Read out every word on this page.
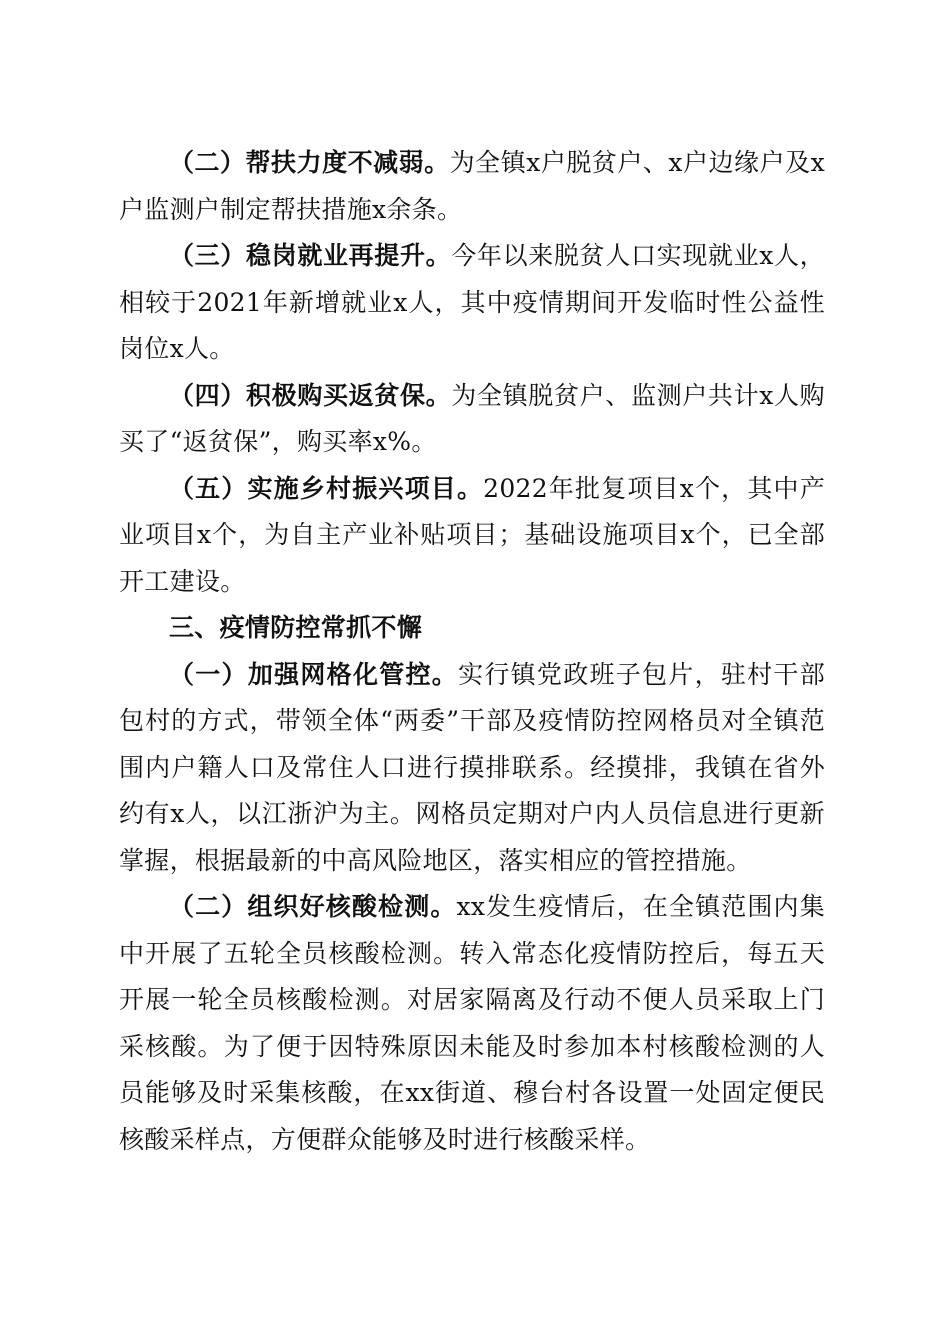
（二）帮扶力度不减弱。为全镇x户脱贫户、x户边缘户及x户监测户制定帮扶措施x余条。

（三）稳岗就业再提升。今年以来脱贫人口实现就业x人，相较于2021年新增就业x人，其中疫情期间开发临时性公益性岗位x人。

（四）积极购买返贫保。为全镇脱贫户、监测户共计x人购买了“返贫保”，购买率x%。

（五）实施乡村振兴项目。2022年批复项目x个，其中产业项目x个，为自主产业补贴项目；基础设施项目x个，已全部开工建设。

三、疫情防控常抓不懈

（一）加强网格化管控。实行镇党政班子包片，驻村干部包村的方式，带领全体“两委”干部及疫情防控网格员对全镇范围内户籍人口及常住人口进行摸排联系。经摸排，我镇在省外约有x人，以江浙沪为主。网格员定期对户内人员信息进行更新掌握，根据最新的中高风险地区，落实相应的管控措施。

（二）组织好核酸检测。xx发生疫情后，在全镇范围内集中开展了五轮全员核酸检测。转入常态化疫情防控后，每五天开展一轮全员核酸检测。对居家隔离及行动不便人员采取上门采核酸。为了便于因特殊原因未能及时参加本村核酸检测的人员能够及时采集核酸，在xx街道、穆台村各设置一处固定便民核酸采样点，方便群众能够及时进行核酸采样。
